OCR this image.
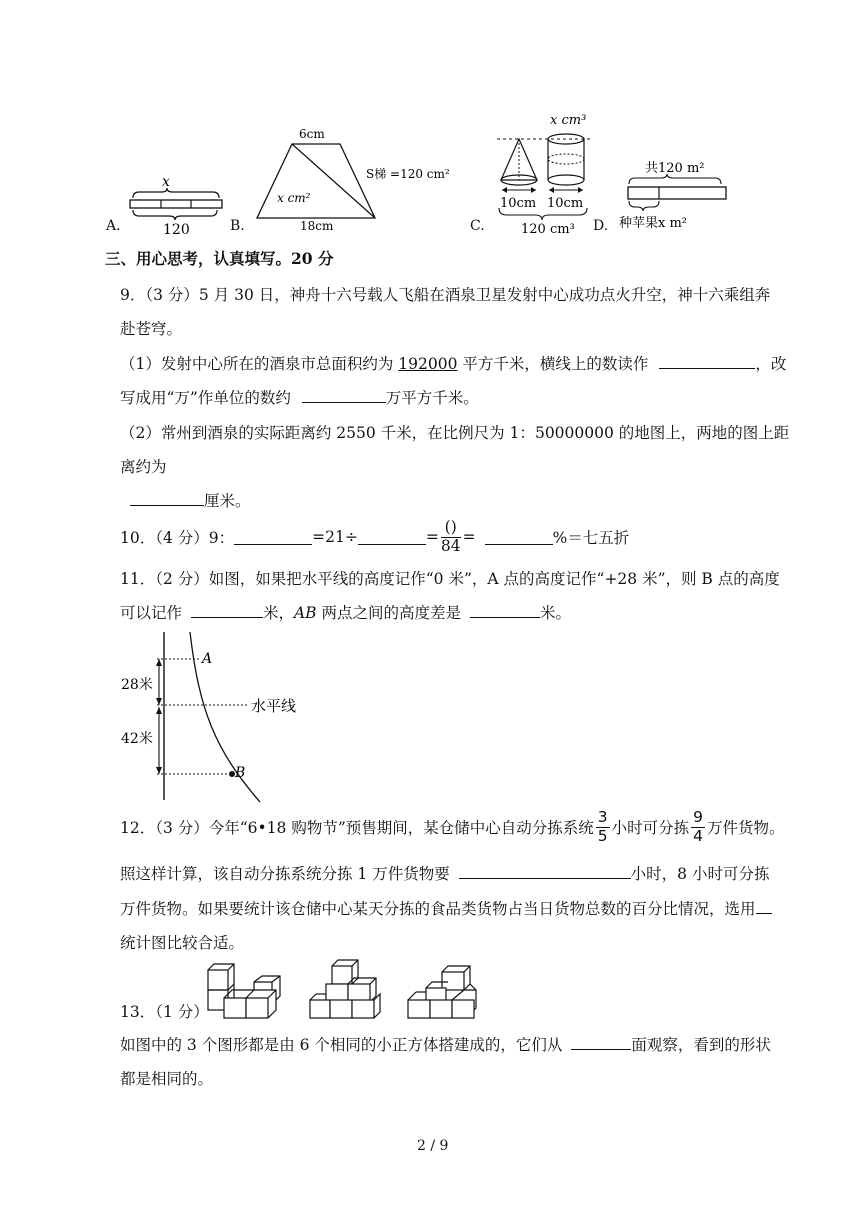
A.
x
120	B.
6cm
x cm²
18cm
S梯 =120 cm²
C.
x cm³
10cm 10cm
120 cm³ D.
共120 m²
种苹果x m²
三、用心思考，认真填写。20 分
9．（3 分）5 月 30 日，神舟十六号载人飞船在酒泉卫星发射中心成功点火升空，神十六乘组奔
赴苍穹。
（1）发射中心所在的酒泉市总面积约为 192000 平方千米，横线上的数读作	，改
写成用“万”作单位的数约	万平方千米。
（2）常州到酒泉的实际距离约 2550 千米，在比例尺为 1：50000000 的地图上，两地的图上距
离约为
厘米。
10．（4 分）9：	=21÷	= $\frac{()}{84}$ =	%＝七五折
11．（2 分）如图，如果把水平线的高度记作“0 米”，A 点的高度记作“+28 米”，则 B 点的高度
可以记作	米，AB 两点之间的高度差是	米。
A
B
28米
42米
水平线
12．（3 分）今年“6•18 购物节”预售期间，某仓储中心自动分拣系统 $\frac{3}{5}$ 小时可分拣 $\frac{9}{4}$ 万件货物。
照这样计算，该自动分拣系统分拣 1 万件货物要	小时，8 小时可分拣
万件货物。如果要统计该仓储中心某天分拣的食品类货物占当日货物总数的百分比情况，选用
统计图比较合适。
13．（1 分）
如图中的 3 个图形都是由 6 个相同的小正方体搭建成的，它们从	面观察，看到的形状
都是相同的。
2 / 9
